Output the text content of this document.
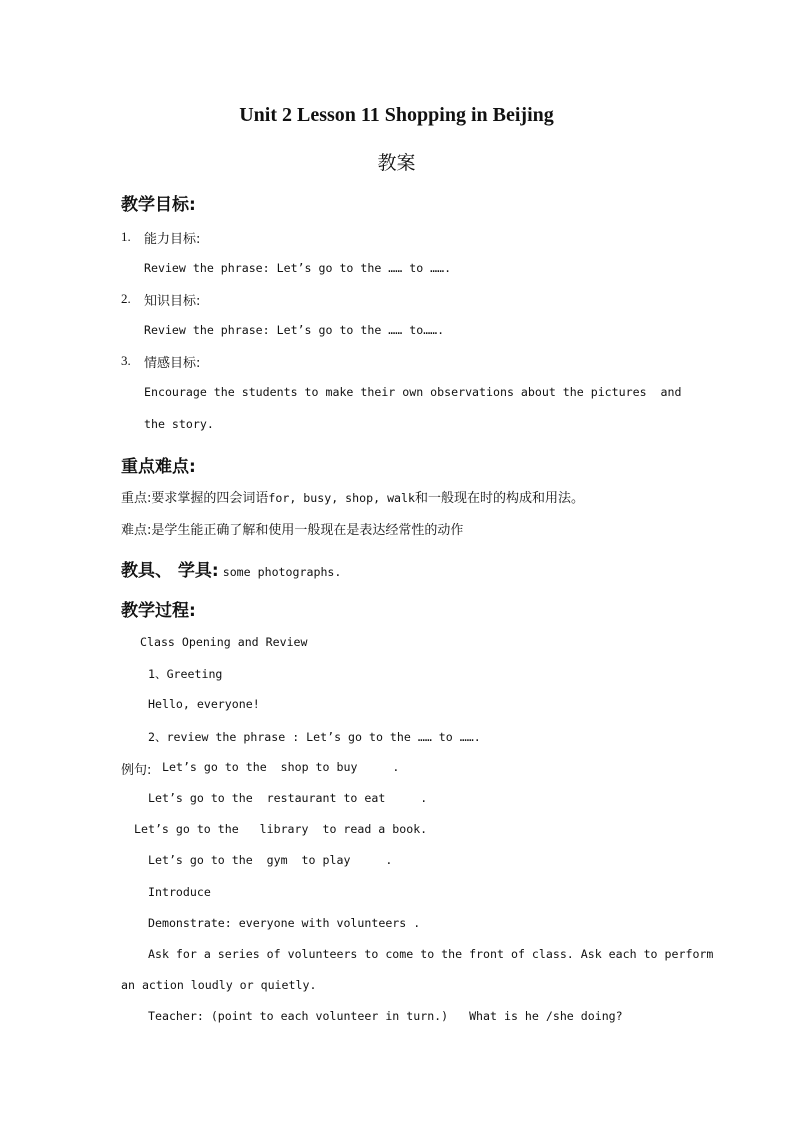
Unit 2 Lesson 11 Shopping in Beijing
教案
教学目标:
1. 能力目标:
Review the phrase: Let’s go to the …… to …….
2. 知识目标:
Review the phrase: Let’s go to the …… to…….
3. 情感目标:
Encourage the students to make their own observations about the pictures  and
the story.
重点难点:
重点:要求掌握的四会词语for, busy, shop, walk和一般现在时的构成和用法。
难点:是学生能正确了解和使用一般现在是表达经常性的动作
教具、 学具: some photographs.
教学过程:
Class Opening and Review
1、Greeting
Hello, everyone!
2、review the phrase : Let’s go to the …… to …….
例句: Let’s go to the  shop to buy     .
Let’s go to the  restaurant to eat     .
Let’s go to the   library  to read a book.
Let’s go to the  gym  to play     .
Introduce
Demonstrate: everyone with volunteers .
Ask for a series of volunteers to come to the front of class. Ask each to perform
an action loudly or quietly.
Teacher: (point to each volunteer in turn.)   What is he /she doing?
